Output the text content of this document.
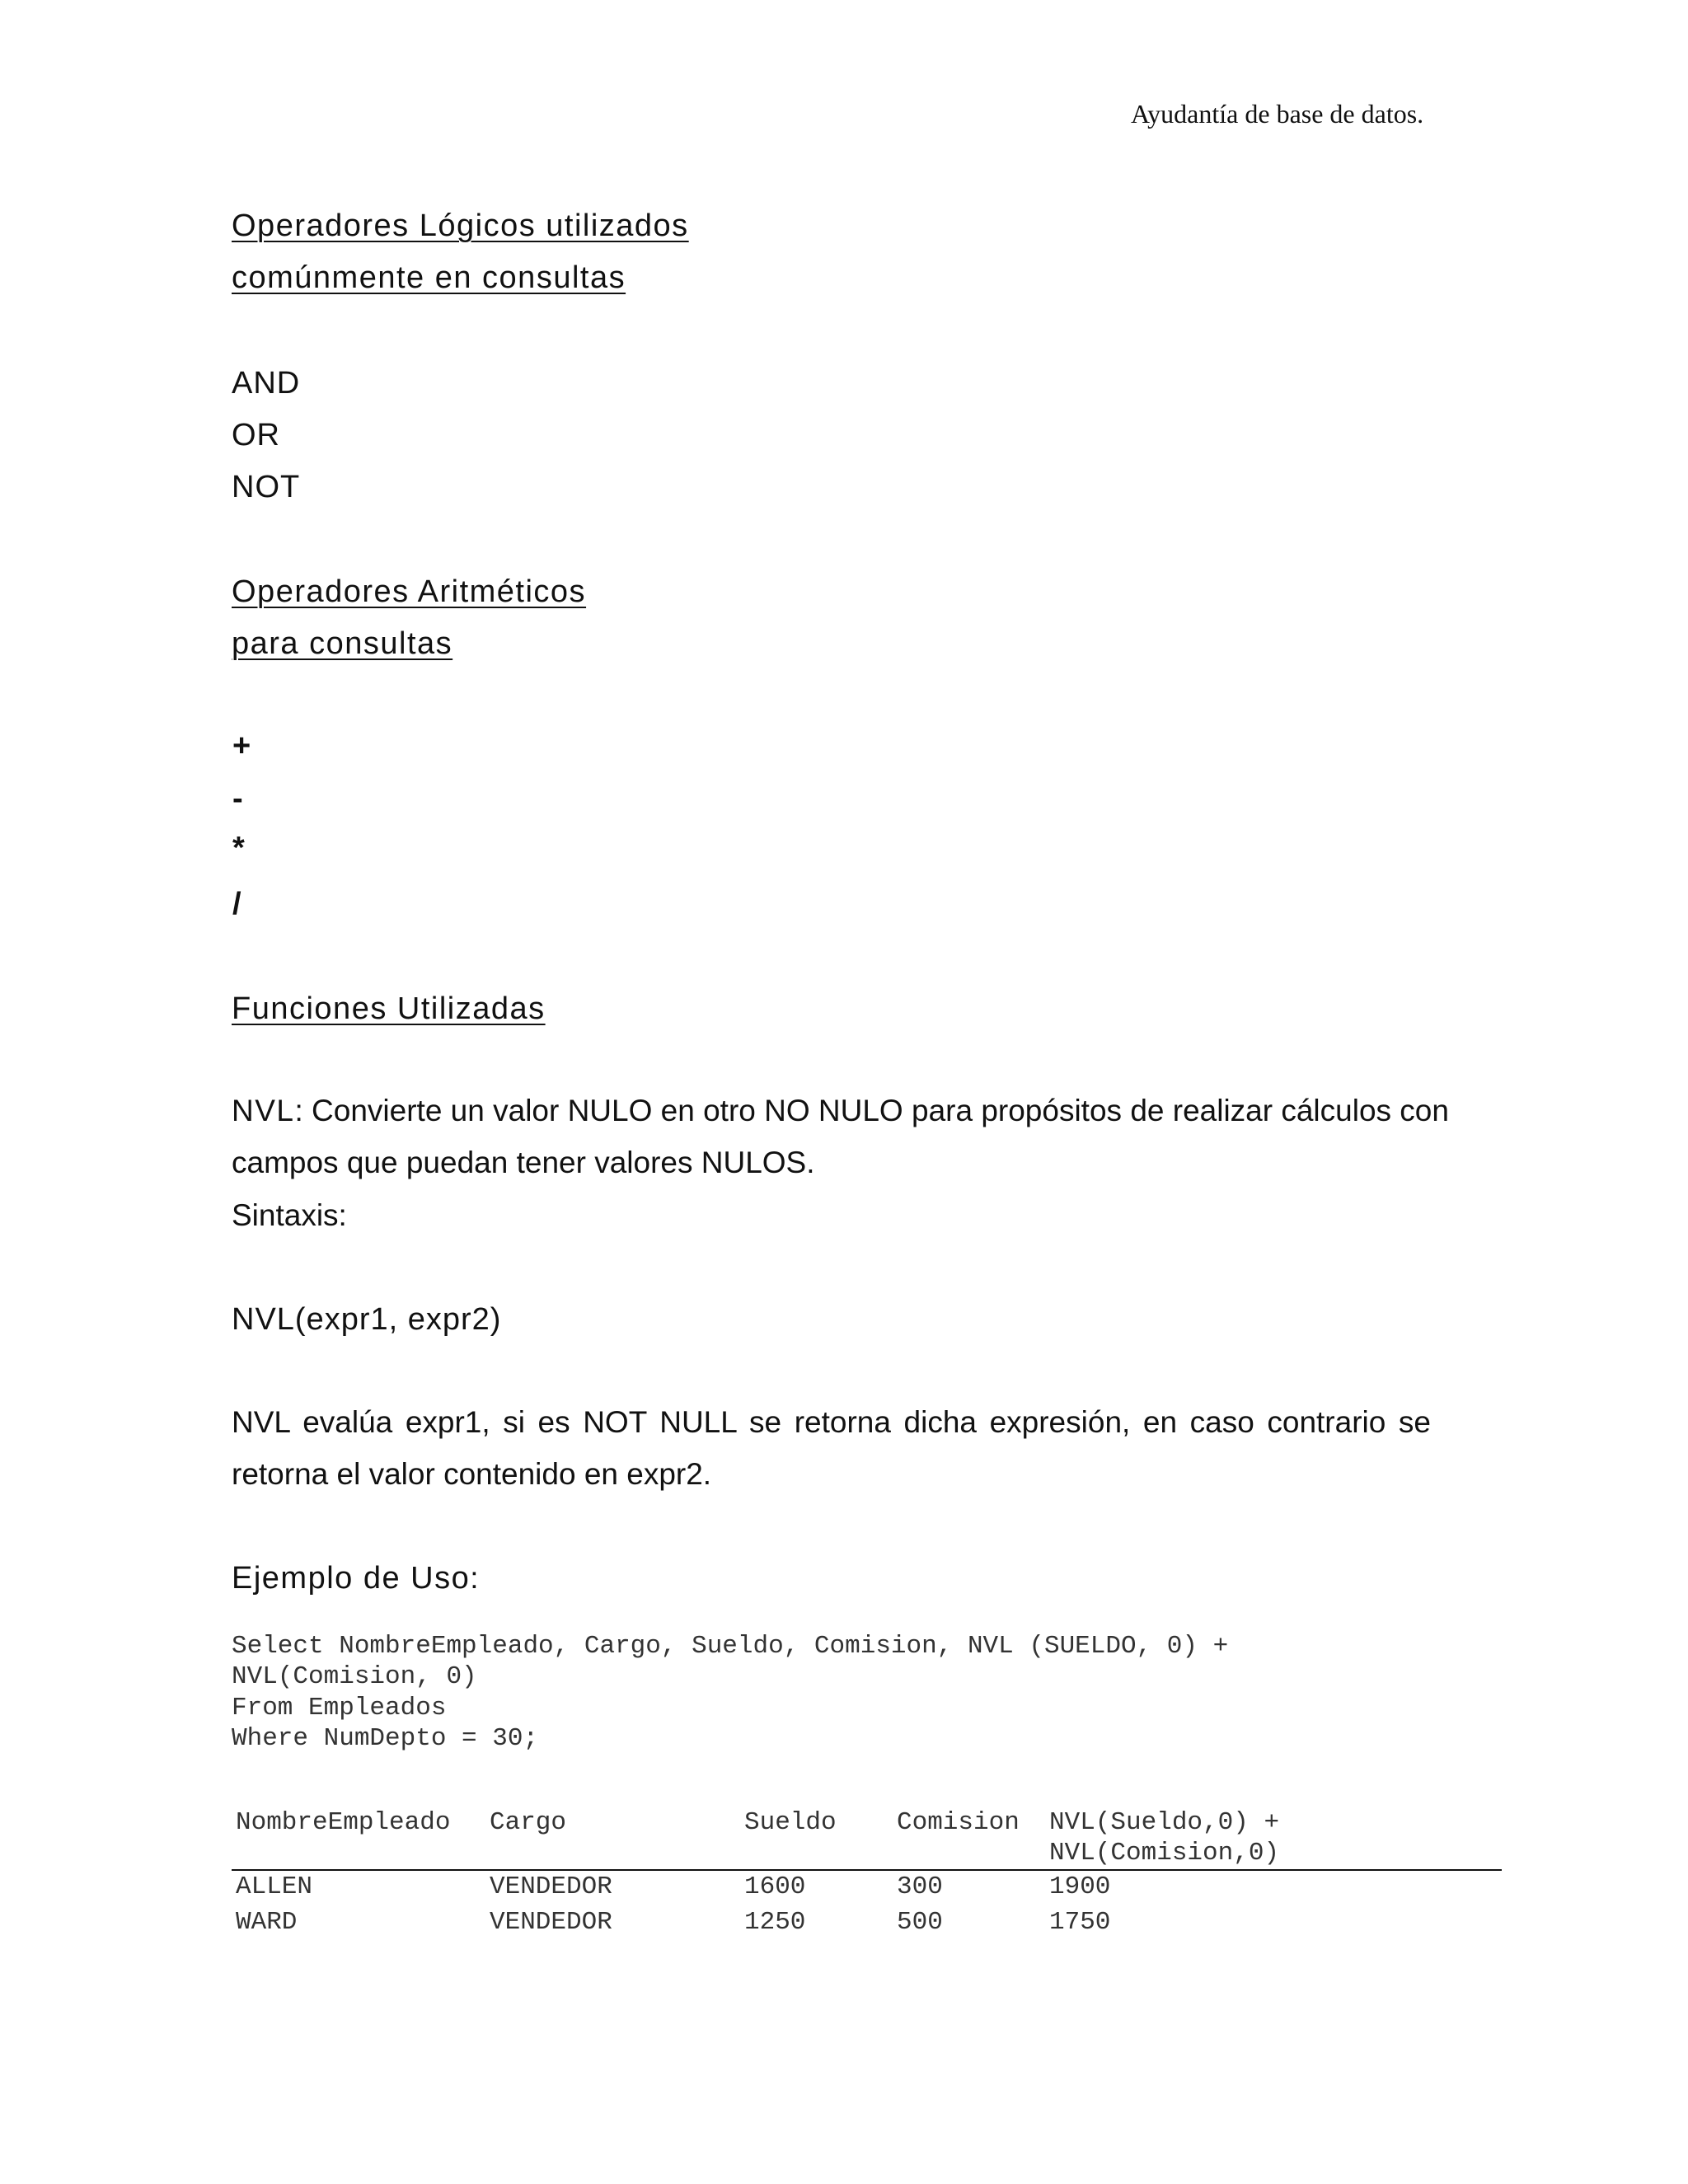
Ayudantía de base de datos.
Operadores Lógicos utilizados
comúnmente en consultas
AND
OR
NOT
Operadores Aritméticos
para consultas
+
-
*
/
Funciones Utilizadas
NVL: Convierte un valor NULO en otro NO NULO para propósitos de realizar cálculos con
campos que puedan tener valores NULOS.
Sintaxis:
NVL(expr1, expr2)
NVL evalúa expr1, si es NOT NULL se retorna dicha expresión, en caso contrario se
retorna el valor contenido en expr2.
Ejemplo de Uso:
Select NombreEmpleado, Cargo, Sueldo, Comision, NVL (SUELDO, 0) +
NVL(Comision, 0)
From Empleados
Where NumDepto = 30;
NombreEmpleado Cargo	Sueldo Comision NVL(Sueldo,0) +
NVL(Comision,0)
ALLEN	VENDEDOR	1600	300	1900
WARD	VENDEDOR	1250	500	1750
